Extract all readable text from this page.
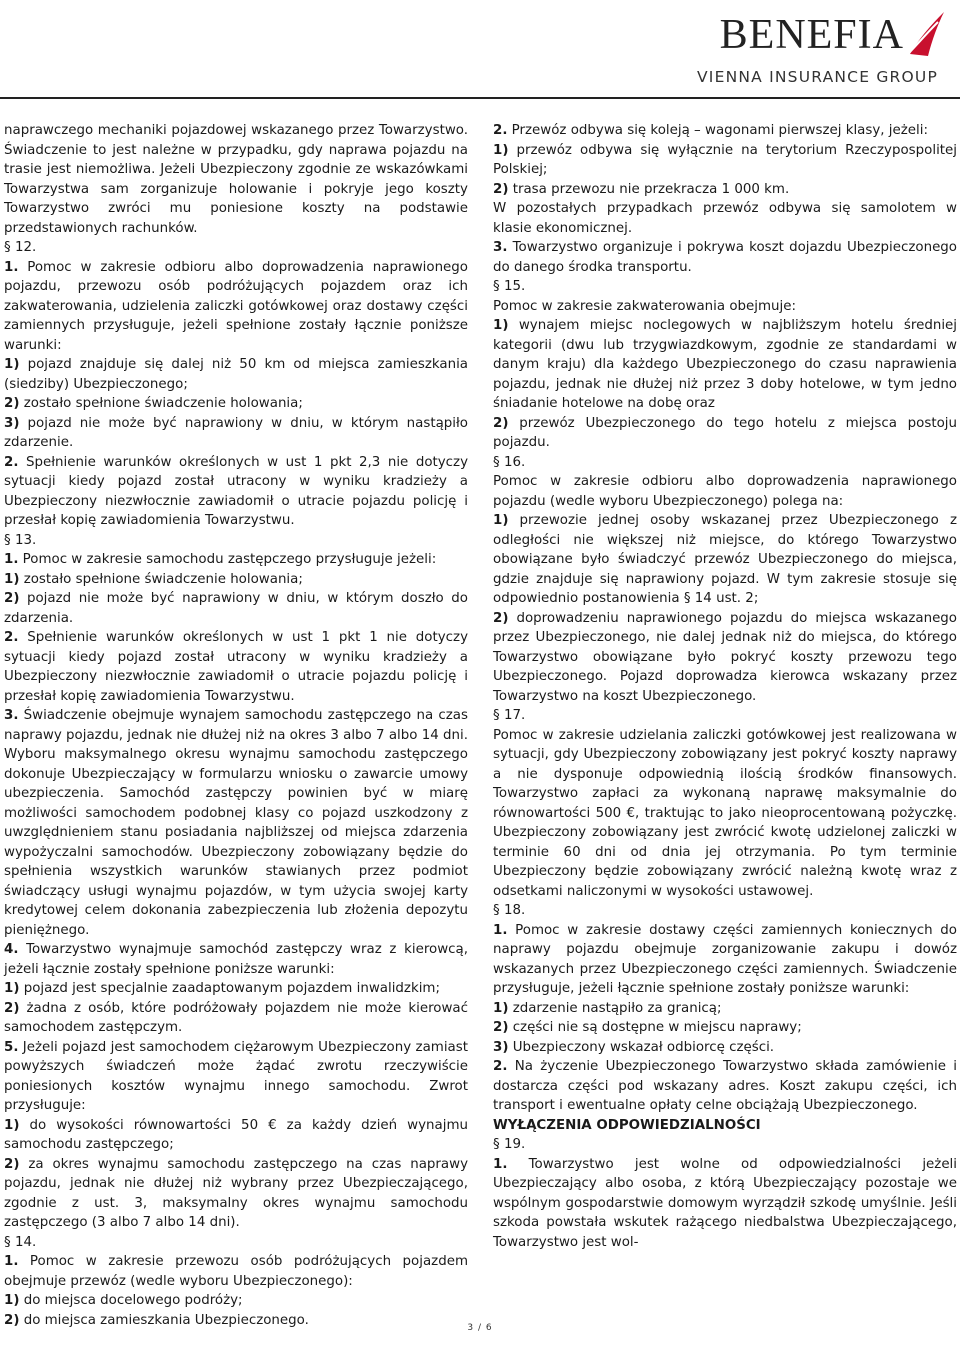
BENEFIA
VIENNA INSURANCE GROUP

naprawczego mechaniki pojazdowej wskazanego przez Towarzystwo. Świadczenie to jest należne w przypadku, gdy naprawa pojazdu na trasie jest niemożliwa. Jeżeli Ubezpieczony zgodnie ze wskazówkami Towarzystwa sam zorganizuje holowanie i pokryje jego koszty Towarzystwo zwróci mu poniesione koszty na podstawie przedstawionych rachunków.

§ 12.

1. Pomoc w zakresie odbioru albo doprowadzenia naprawionego pojazdu, przewozu osób podróżujących pojazdem oraz ich zakwaterowania, udzielenia zaliczki gotówkowej oraz dostawy części zamiennych przysługuje, jeżeli spełnione zostały łącznie poniższe warunki:

1) pojazd znajduje się dalej niż 50 km od miejsca zamieszkania (siedziby) Ubezpieczonego;

2) zostało spełnione świadczenie holowania;

3) pojazd nie może być naprawiony w dniu, w którym nastąpiło zdarzenie.

2. Spełnienie warunków określonych w ust 1 pkt 2,3 nie dotyczy sytuacji kiedy pojazd został utracony w wyniku kradzieży a Ubezpieczony niezwłocznie zawiadomił o utracie pojazdu policję i przesłał kopię zawiadomienia Towarzystwu.

§ 13.

1. Pomoc w zakresie samochodu zastępczego przysługuje jeżeli:

1) zostało spełnione świadczenie holowania;

2) pojazd nie może być naprawiony w dniu, w którym doszło do zdarzenia.

2. Spełnienie warunków określonych w ust 1 pkt 1 nie dotyczy sytuacji kiedy pojazd został utracony w wyniku kradzieży a Ubezpieczony niezwłocznie zawiadomił o utracie pojazdu policję i przesłał kopię zawiadomienia Towarzystwu.

3. Świadczenie obejmuje wynajem samochodu zastępczego na czas naprawy pojazdu, jednak nie dłużej niż na okres 3 albo 7 albo 14 dni. Wyboru maksymalnego okresu wynajmu samochodu zastępczego dokonuje Ubezpieczający w formularzu wniosku o zawarcie umowy ubezpieczenia. Samochód zastępczy powinien być w miarę możliwości samochodem podobnej klasy co pojazd uszkodzony z uwzględnieniem stanu posiadania najbliższej od miejsca zdarzenia wypożyczalni samochodów. Ubezpieczony zobowiązany będzie do spełnienia wszystkich warunków stawianych przez podmiot świadczący usługi wynajmu pojazdów, w tym użycia swojej karty kredytowej celem dokonania zabezpieczenia lub złożenia depozytu pieniężnego.

4. Towarzystwo wynajmuje samochód zastępczy wraz z kierowcą, jeżeli łącznie zostały spełnione poniższe warunki:

1) pojazd jest specjalnie zaadaptowanym pojazdem inwalidzkim;

2) żadna z osób, które podróżowały pojazdem nie może kierować samochodem zastępczym.

5. Jeżeli pojazd jest samochodem ciężarowym Ubezpieczony zamiast powyższych świadczeń może żądać zwrotu rzeczywiście poniesionych kosztów wynajmu innego samochodu. Zwrot przysługuje:

1) do wysokości równowartości 50 € za każdy dzień wynajmu samochodu zastępczego;

2) za okres wynajmu samochodu zastępczego na czas naprawy pojazdu, jednak nie dłużej niż wybrany przez Ubezpieczającego, zgodnie z ust. 3, maksymalny okres wynajmu samochodu zastępczego (3 albo 7 albo 14 dni).

§ 14.

1. Pomoc w zakresie przewozu osób podróżujących pojazdem obejmuje przewóz (wedle wyboru Ubezpieczonego):

1) do miejsca docelowego podróży;

2) do miejsca zamieszkania Ubezpieczonego.

2. Przewóz odbywa się koleją – wagonami pierwszej klasy, jeżeli:

1) przewóz odbywa się wyłącznie na terytorium Rzeczypospolitej Polskiej;

2) trasa przewozu nie przekracza 1 000 km.

W pozostałych przypadkach przewóz odbywa się samolotem w klasie ekonomicznej.

3. Towarzystwo organizuje i pokrywa koszt dojazdu Ubezpieczonego do danego środka transportu.

§ 15.

Pomoc w zakresie zakwaterowania obejmuje:

1) wynajem miejsc noclegowych w najbliższym hotelu średniej kategorii (dwu lub trzygwiazdkowym, zgodnie ze standardami w danym kraju) dla każdego Ubezpieczonego do czasu naprawienia pojazdu, jednak nie dłużej niż przez 3 doby hotelowe, w tym jedno śniadanie hotelowe na dobę oraz

2) przewóz Ubezpieczonego do tego hotelu z miejsca postoju pojazdu.

§ 16.

Pomoc w zakresie odbioru albo doprowadzenia naprawionego pojazdu (wedle wyboru Ubezpieczonego) polega na:

1) przewozie jednej osoby wskazanej przez Ubezpieczonego z odległości nie większej niż miejsce, do którego Towarzystwo obowiązane było świadczyć przewóz Ubezpieczonego do miejsca, gdzie znajduje się naprawiony pojazd. W tym zakresie stosuje się odpowiednio postanowienia § 14 ust. 2;

2) doprowadzeniu naprawionego pojazdu do miejsca wskazanego przez Ubezpieczonego, nie dalej jednak niż do miejsca, do którego Towarzystwo obowiązane było pokryć koszty przewozu tego Ubezpieczonego. Pojazd doprowadza kierowca wskazany przez Towarzystwo na koszt Ubezpieczonego.

§ 17.

Pomoc w zakresie udzielania zaliczki gotówkowej jest realizowana w sytuacji, gdy Ubezpieczony zobowiązany jest pokryć koszty naprawy a nie dysponuje odpowiednią ilością środków finansowych. Towarzystwo zapłaci za wykonaną naprawę maksymalnie do równowartości 500 €, traktując to jako nieoprocentowaną pożyczkę. Ubezpieczony zobowiązany jest zwrócić kwotę udzielonej zaliczki w terminie 60 dni od dnia jej otrzymania. Po tym terminie Ubezpieczony będzie zobowiązany zwrócić należną kwotę wraz z odsetkami naliczonymi w wysokości ustawowej.

§ 18.

1. Pomoc w zakresie dostawy części zamiennych koniecznych do naprawy pojazdu obejmuje zorganizowanie zakupu i dowóz wskazanych przez Ubezpieczonego części zamiennych. Świadczenie przysługuje, jeżeli łącznie spełnione zostały poniższe warunki:

1) zdarzenie nastąpiło za granicą;

2) części nie są dostępne w miejscu naprawy;

3) Ubezpieczony wskazał odbiorcę części.

2. Na życzenie Ubezpieczonego Towarzystwo składa zamówienie i dostarcza części pod wskazany adres. Koszt zakupu części, ich transport i ewentualne opłaty celne obciążają Ubezpieczonego.

WYŁĄCZENIA ODPOWIEDZIALNOŚCI

§ 19.

1. Towarzystwo jest wolne od odpowiedzialności jeżeli Ubezpieczający albo osoba, z którą Ubezpieczający pozostaje we wspólnym gospodarstwie domowym wyrządził szkodę umyślnie. Jeśli szkoda powstała wskutek rażącego niedbalstwa Ubezpieczającego, Towarzystwo jest wol-

3 / 6
